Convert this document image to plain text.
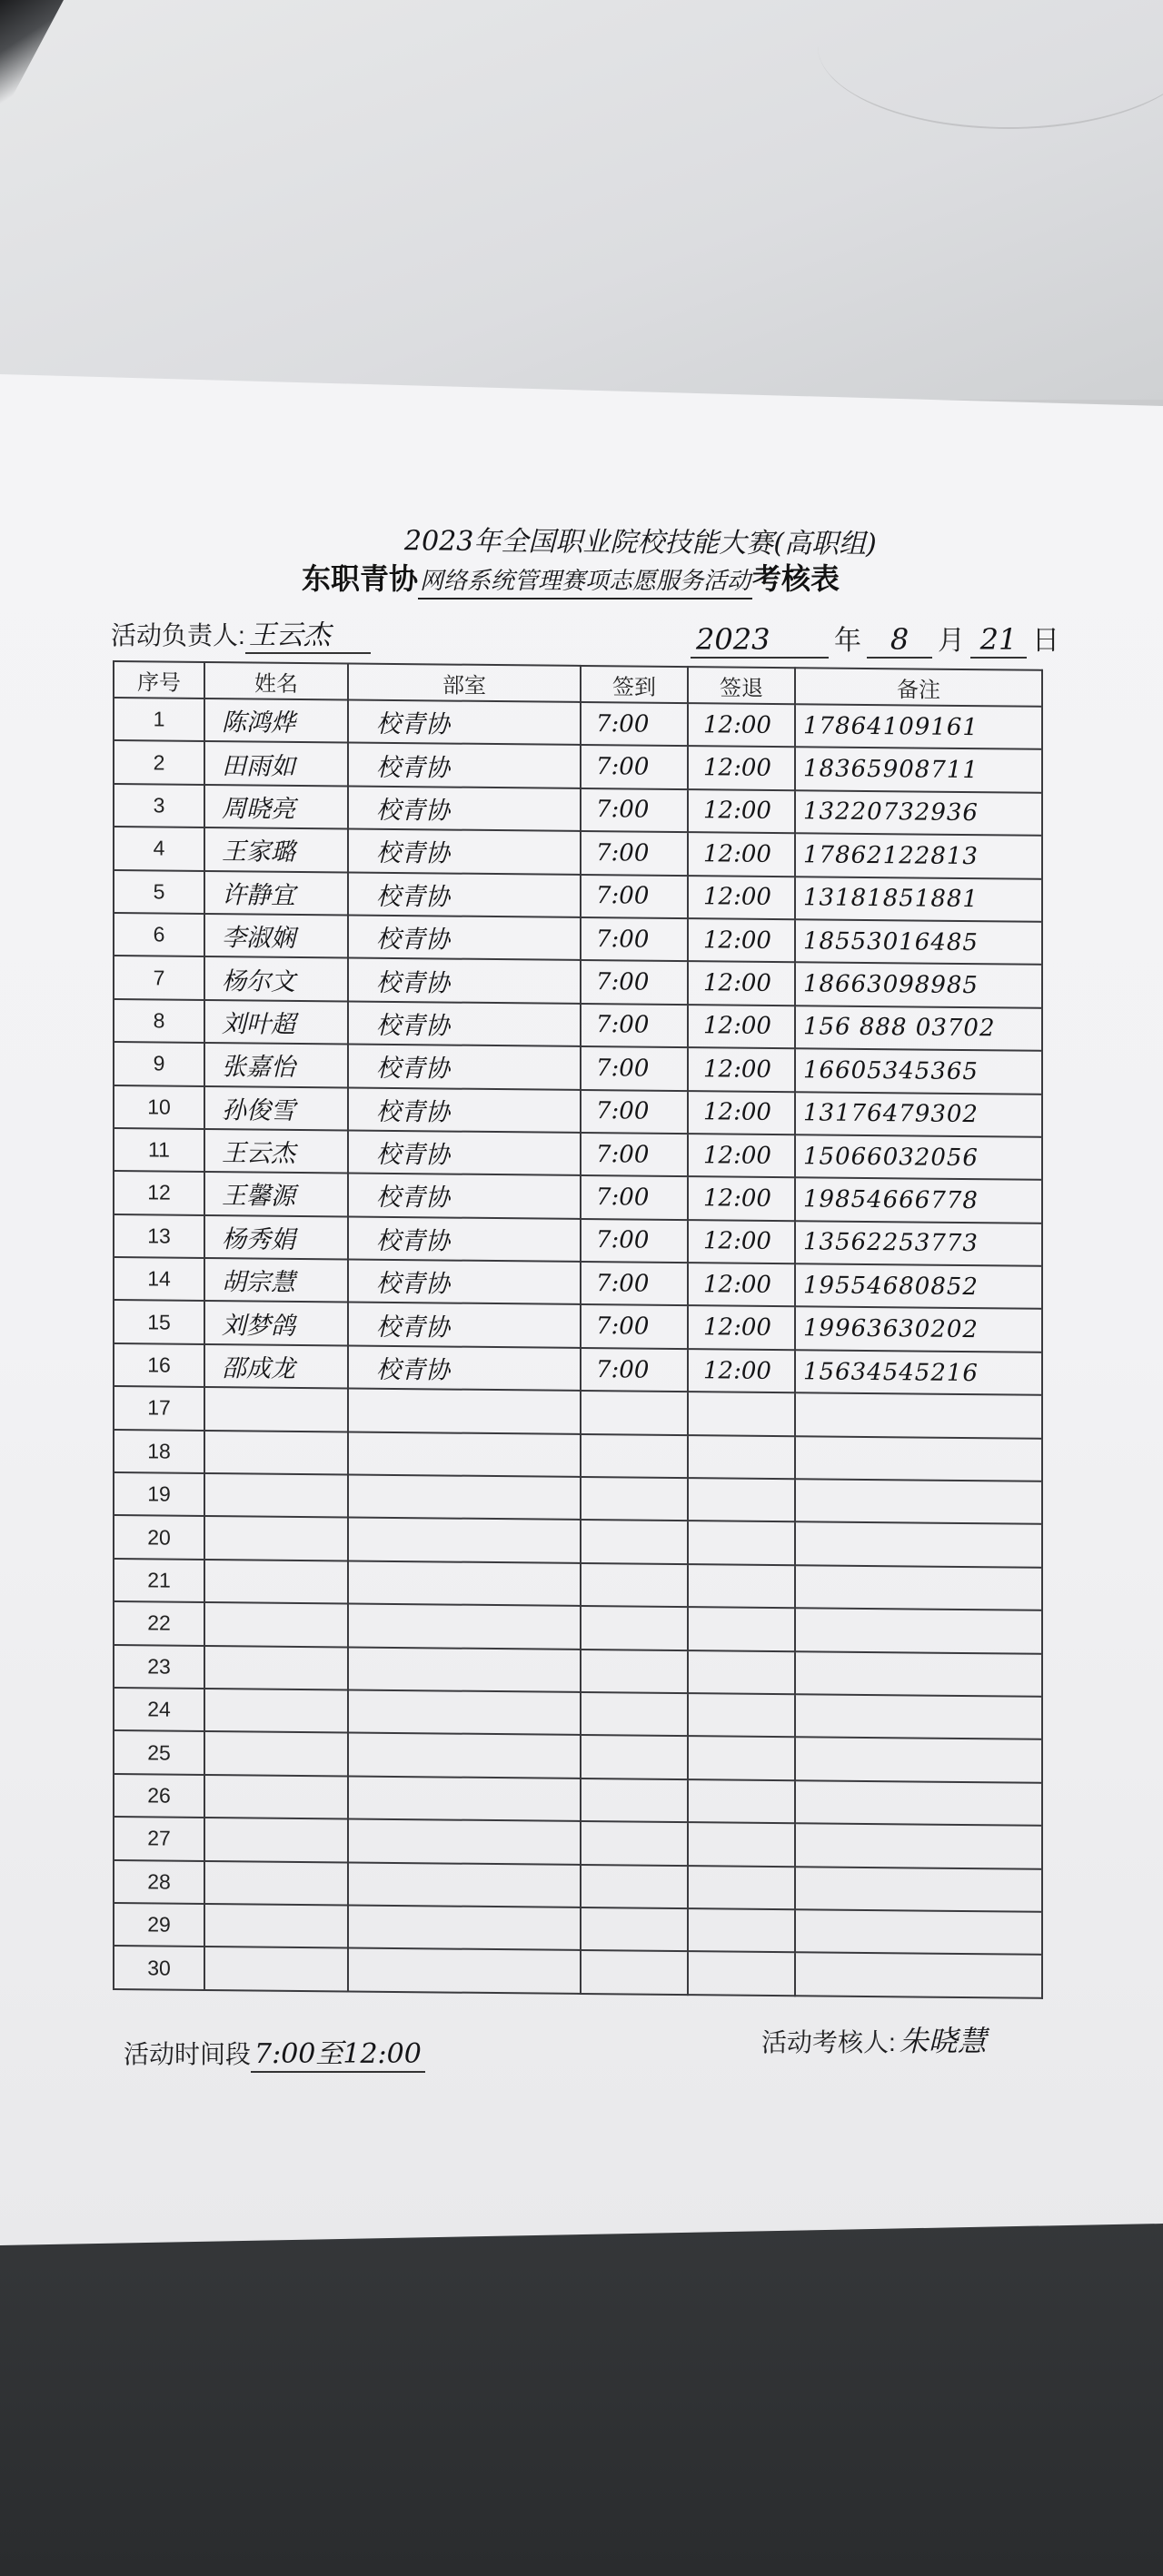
2023年全国职业院校技能大赛(高职组)
东职青协 网络系统管理赛项志愿服务活动 考核表
活动负责人: 王云杰	2023	年 8	月 21 日
序号	姓名	部室	签到	签退	备注
1	陈鸿烨	校青协	7:00	12:00	17864109161
2	田雨如	校青协	7:00	12:00	18365908711
3	周晓亮	校青协	7:00	12:00	13220732936
4	王家璐	校青协	7:00	12:00	17862122813
5	许静宜	校青协	7:00	12:00	13181851881
6	李淑娴	校青协	7:00	12:00	18553016485
7	杨尔文	校青协	7:00	12:00	18663098985
8	刘叶超	校青协	7:00	12:00	156 888 03702
9	张嘉怡	校青协	7:00	12:00	16605345365
10	孙俊雪	校青协	7:00	12:00	13176479302
11	王云杰	校青协	7:00	12:00	15066032056
12	王馨源	校青协	7:00	12:00	19854666778
13	杨秀娟	校青协	7:00	12:00	13562253773
14	胡宗慧	校青协	7:00	12:00	19554680852
15	刘梦鸽	校青协	7:00	12:00	19963630202
16	邵成龙	校青协	7:00	12:00	15634545216
17					
18					
19					
20					
21					
22					
23					
24					
25					
26					
27					
28					
29					
30					
活动时间段 7:00至12:00	活动考核人: 朱晓慧
